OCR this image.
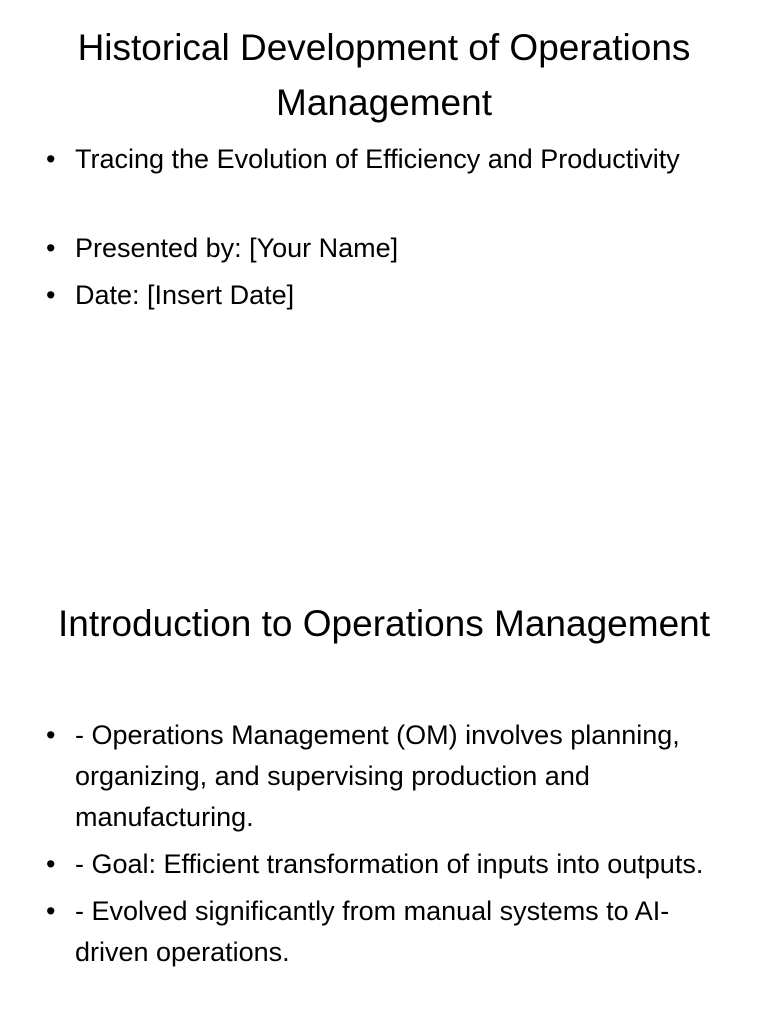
Historical Development of Operations Management
• Tracing the Evolution of Efficiency and Productivity
• Presented by: [Your Name]
• Date: [Insert Date]
Introduction to Operations Management
• - Operations Management (OM) involves planning, organizing, and supervising production and manufacturing.
• - Goal: Efficient transformation of inputs into outputs.
• - Evolved significantly from manual systems to AI-driven operations.
